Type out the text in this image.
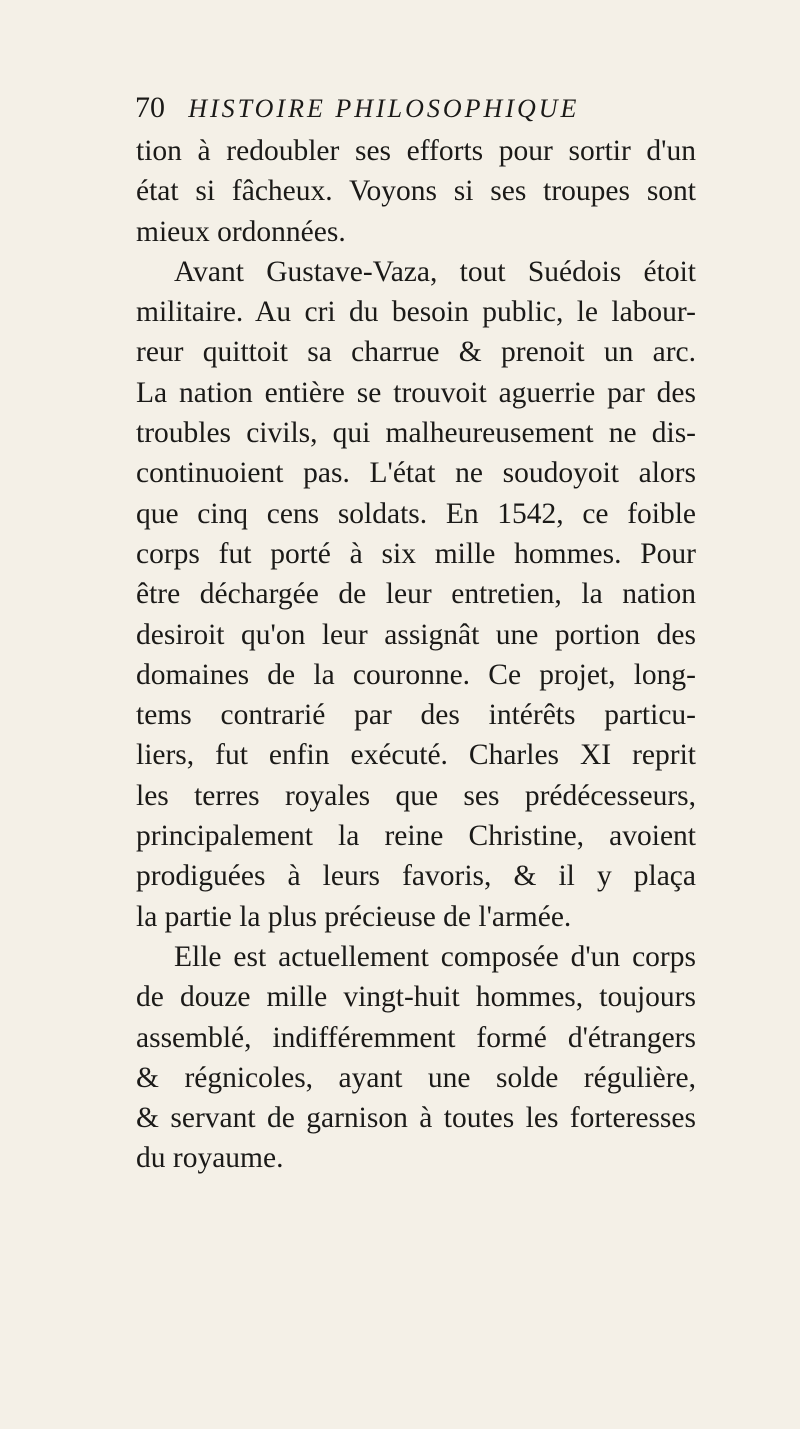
70 HISTOIRE PHILOSOPHIQUE
tion à redoubler ses efforts pour sortir d'un
état si fâcheux. Voyons si ses troupes sont
mieux ordonnées.
Avant Gustave-Vaza, tout Suédois étoit
militaire. Au cri du besoin public, le labour-
reur quittoit sa charrue & prenoit un arc.
La nation entière se trouvoit aguerrie par des
troubles civils, qui malheureusement ne dis-
continuoient pas. L'état ne soudoyoit alors
que cinq cens soldats. En 1542, ce foible
corps fut porté à six mille hommes. Pour
être déchargée de leur entretien, la nation
desiroit qu'on leur assignât une portion des
domaines de la couronne. Ce projet, long-
tems contrarié par des intérêts particu-
liers, fut enfin exécuté. Charles XI reprit
les terres royales que ses prédécesseurs,
principalement la reine Christine, avoient
prodiguées à leurs favoris, & il y plaça
la partie la plus précieuse de l'armée.
Elle est actuellement composée d'un corps
de douze mille vingt-huit hommes, toujours
assemblé, indifféremment formé d'étrangers
& régnicoles, ayant une solde régulière,
& servant de garnison à toutes les forteresses
du royaume.
